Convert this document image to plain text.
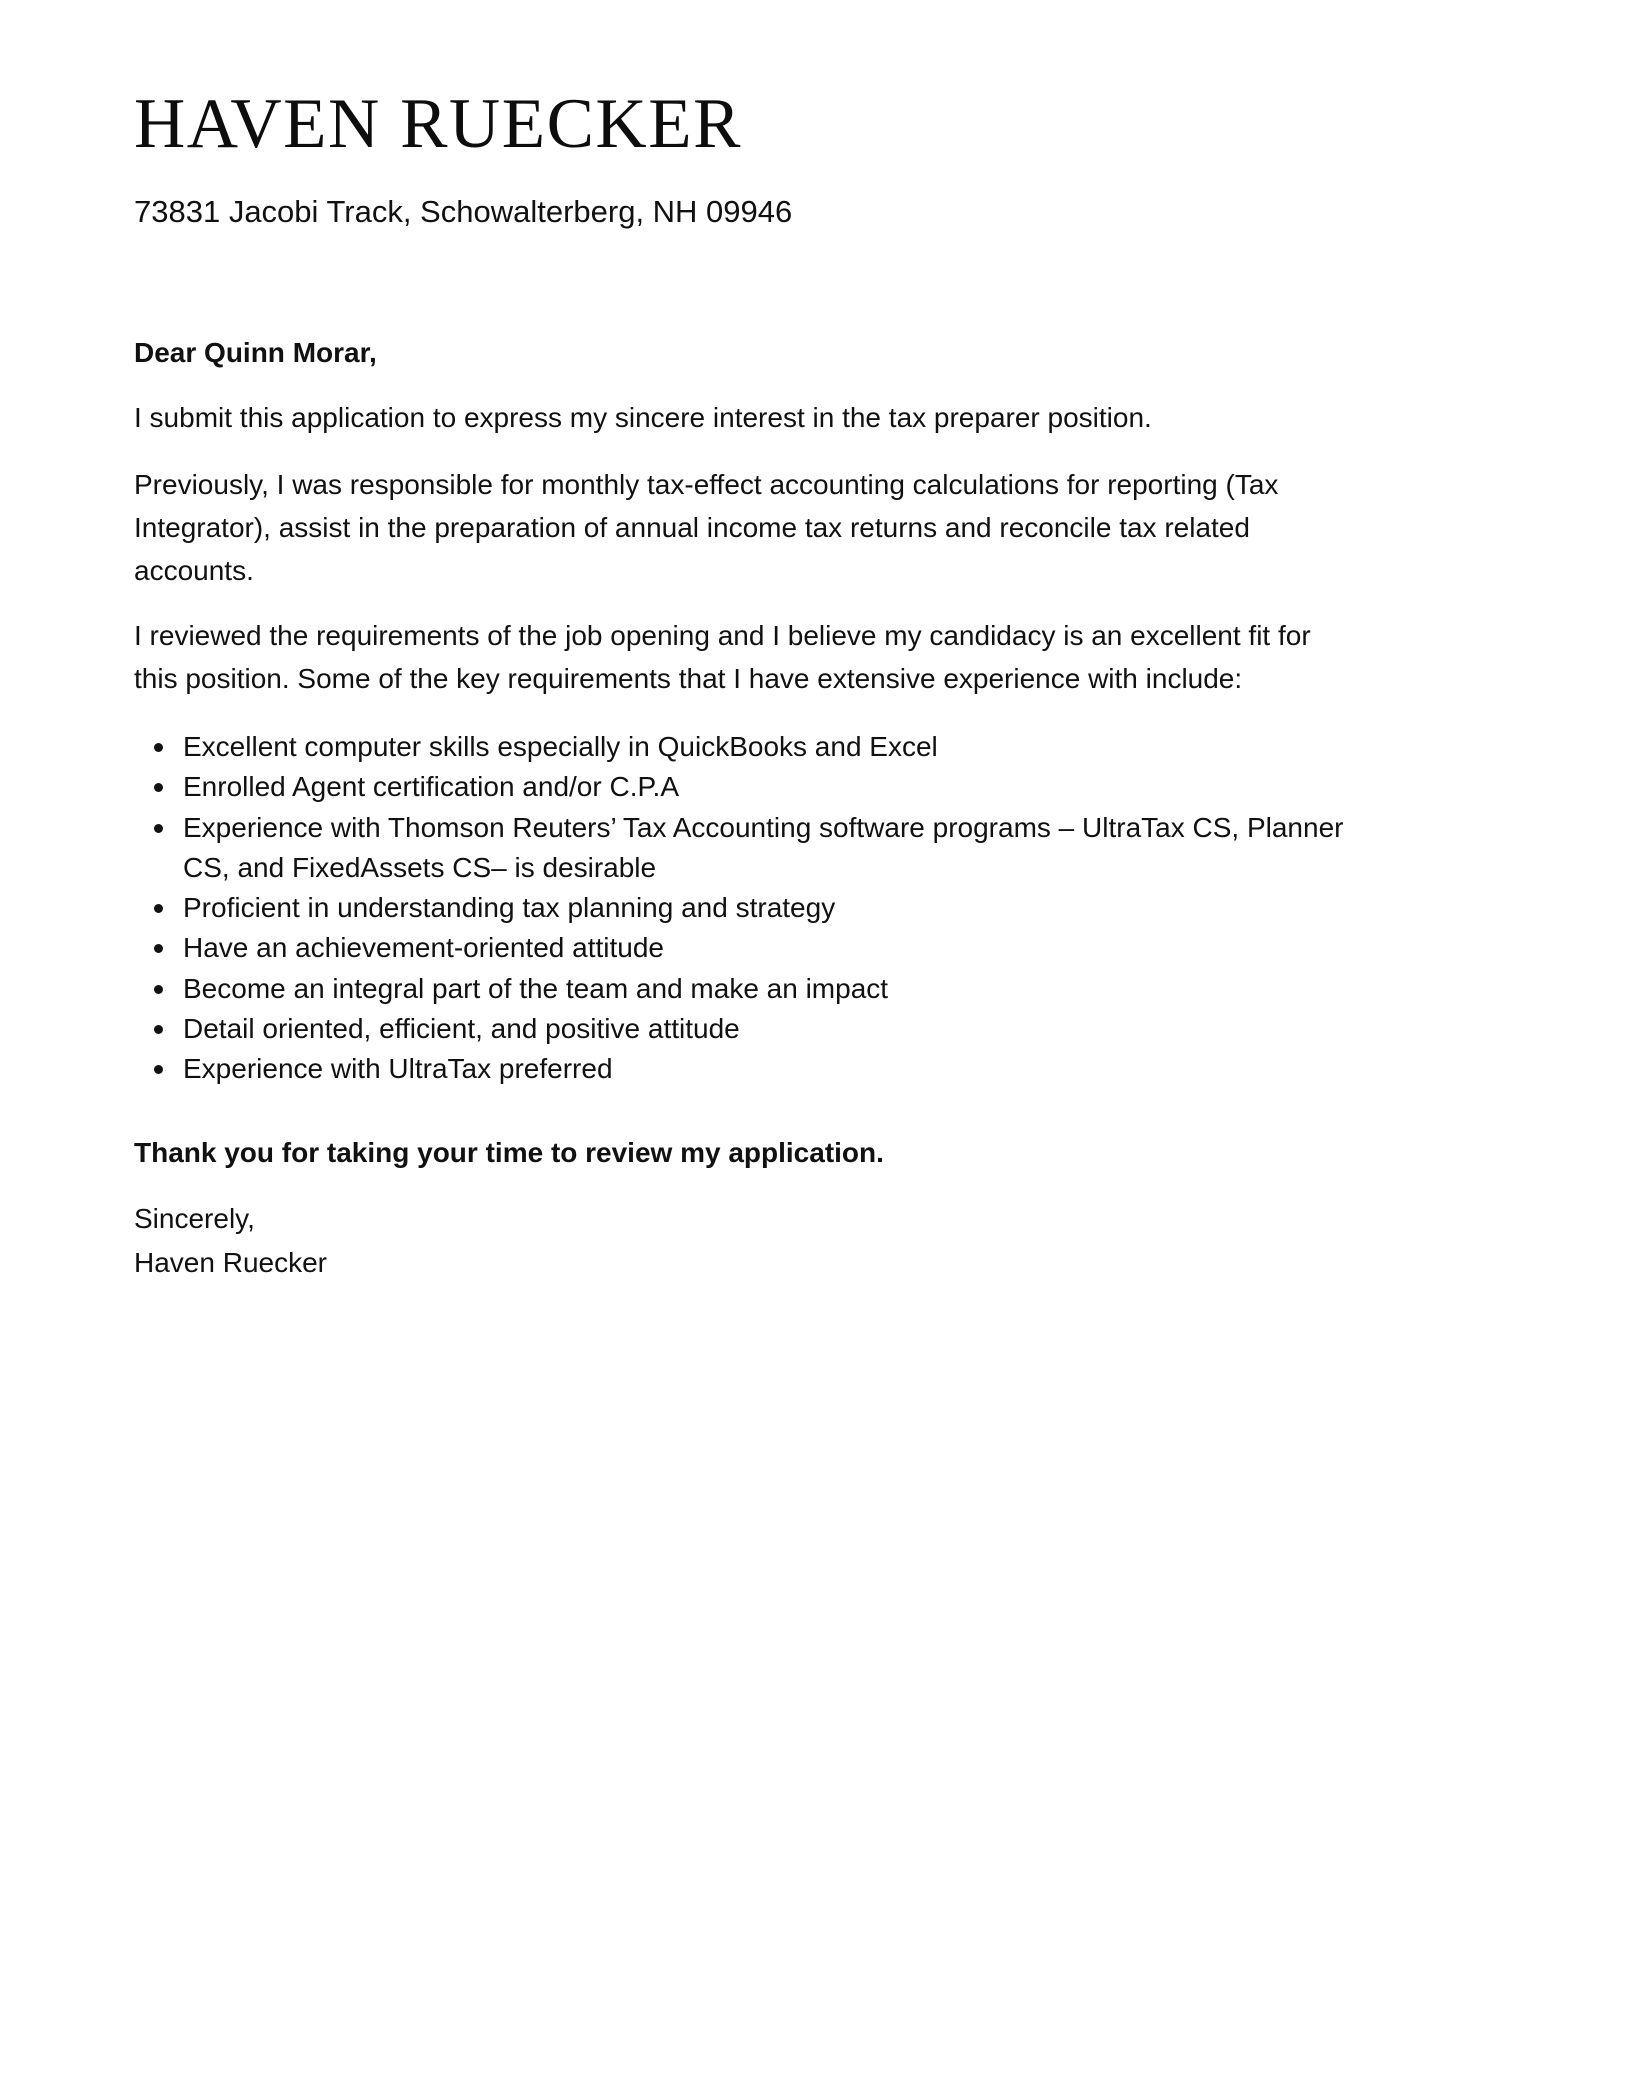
HAVEN RUECKER
73831 Jacobi Track, Schowalterberg, NH 09946
Dear Quinn Morar,
I submit this application to express my sincere interest in the tax preparer position.
Previously, I was responsible for monthly tax-effect accounting calculations for reporting (Tax
Integrator), assist in the preparation of annual income tax returns and reconcile tax related
accounts.
I reviewed the requirements of the job opening and I believe my candidacy is an excellent fit for
this position. Some of the key requirements that I have extensive experience with include:
Excellent computer skills especially in QuickBooks and Excel
Enrolled Agent certification and/or C.P.A
Experience with Thomson Reuters’ Tax Accounting software programs – UltraTax CS, Planner
CS, and FixedAssets CS– is desirable
Proficient in understanding tax planning and strategy
Have an achievement-oriented attitude
Become an integral part of the team and make an impact
Detail oriented, efficient, and positive attitude
Experience with UltraTax preferred
Thank you for taking your time to review my application.
Sincerely,
Haven Ruecker
